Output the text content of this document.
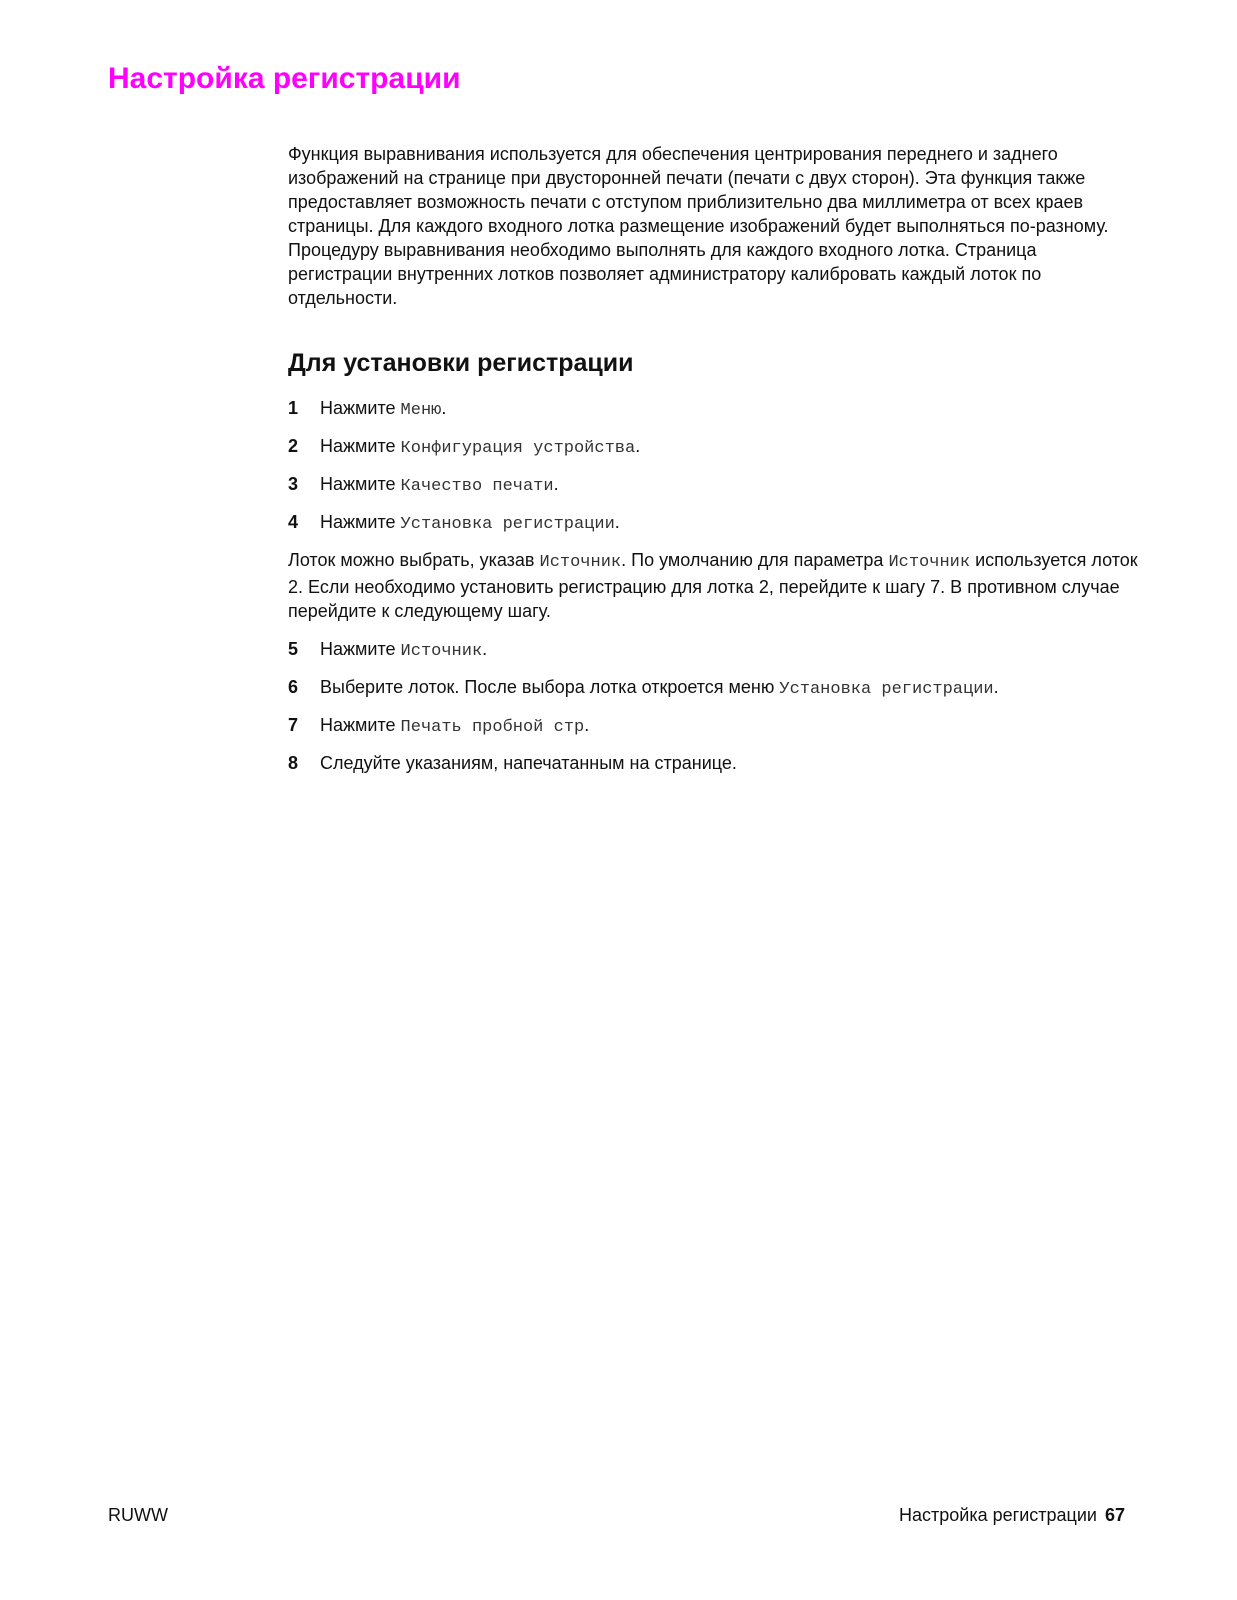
Настройка регистрации

Функция выравнивания используется для обеспечения центрирования переднего и заднего изображений на странице при двусторонней печати (печати с двух сторон). Эта функция также предоставляет возможность печати с отступом приблизительно два миллиметра от всех краев страницы. Для каждого входного лотка размещение изображений будет выполняться по-разному. Процедуру выравнивания необходимо выполнять для каждого входного лотка. Страница регистрации внутренних лотков позволяет администратору калибровать каждый лоток по отдельности.

Для установки регистрации
1	Нажмите Меню.
2	Нажмите Конфигурация устройства.
3	Нажмите Качество печати.
4	Нажмите Установка регистрации.

Лоток можно выбрать, указав Источник. По умолчанию для параметра Источник используется лоток 2. Если необходимо установить регистрацию для лотка 2, перейдите к шагу 7. В противном случае перейдите к следующему шагу.

5	Нажмите Источник.
6	Выберите лоток. После выбора лотка откроется меню Установка регистрации.
7	Нажмите Печать пробной стр.
8	Следуйте указаниям, напечатанным на странице.
RUWW	Настройка регистрации 67
